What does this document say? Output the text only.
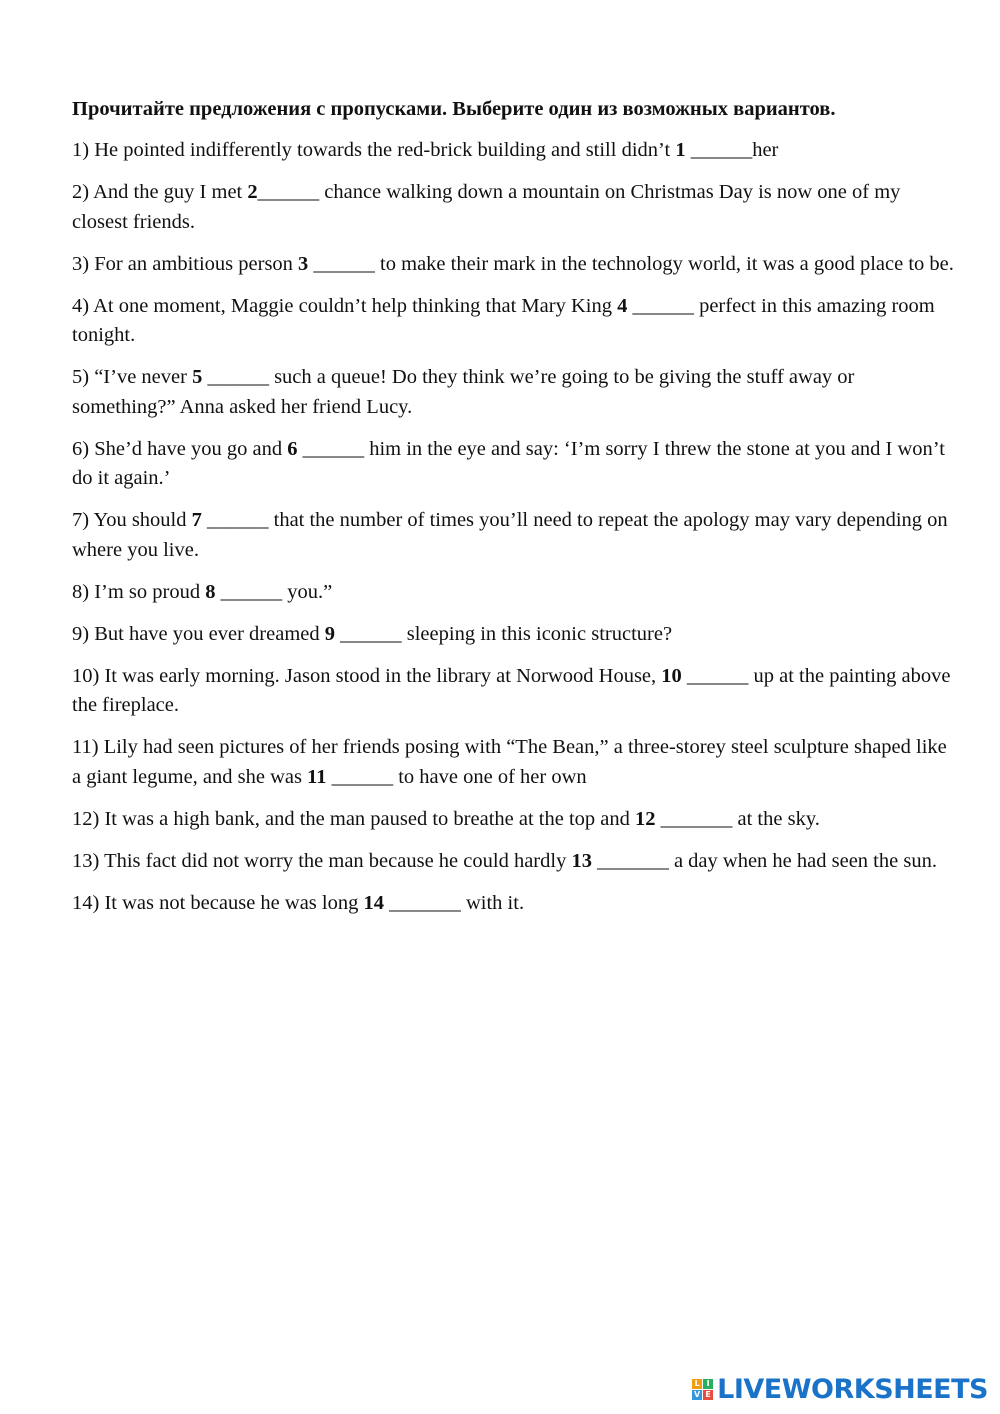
Прочитайте предложения с пропусками. Выберите один из возможных вариантов.

1) He pointed indifferently towards the red-brick building and still didn’t 1 ______her

2) And the guy I met 2______ chance walking down a mountain on Christmas Day is now one of my closest friends.

3) For an ambitious person 3 ______ to make their mark in the technology world, it was a good place to be.

4) At one moment, Maggie couldn’t help thinking that Mary King 4 ______ perfect in this amazing room tonight.

5) “I’ve never 5 ______ such a queue! Do they think we’re going to be giving the stuff away or something?” Anna asked her friend Lucy.

6) She’d have you go and 6 ______ him in the eye and say: ‘I’m sorry I threw the stone at you and I won’t do it again.’

7) You should 7 ______ that the number of times you’ll need to repeat the apology may vary depending on where you live.

8) I’m so proud 8 ______ you.”

9) But have you ever dreamed 9 ______ sleeping in this iconic structure?

10) It was early morning. Jason stood in the library at Norwood House, 10 ______ up at the painting above the fireplace.

11) Lily had seen pictures of her friends posing with “The Bean,” a three-storey steel sculpture shaped like a giant legume, and she was 11 ______ to have one of her own

12) It was a high bank, and the man paused to breathe at the top and 12 _______ at the sky.

13) This fact did not worry the man because he could hardly 13 _______ a day when he had seen the sun.

14) It was not because he was long 14 _______ with it.

L I
V E LIVEWORKSHEETS
